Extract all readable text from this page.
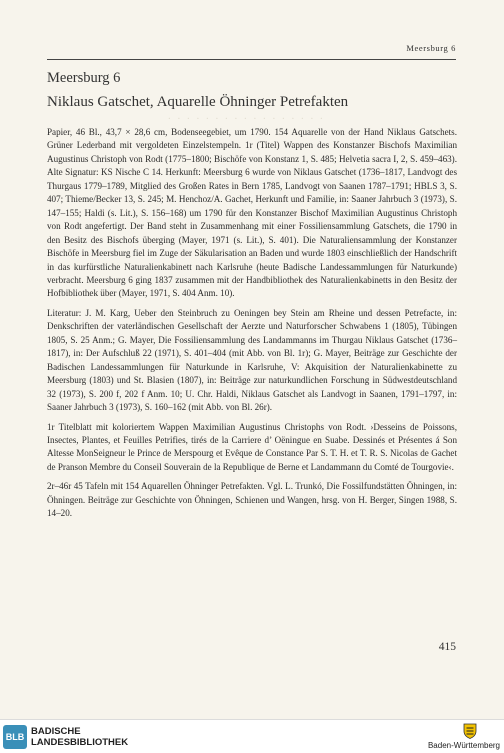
Meersburg 6
Meersburg 6
Niklaus Gatschet, Aquarelle Öhninger Petrefakten
. . . . . . . . . . . . . . . . .

Papier, 46 Bl., 43,7 × 28,6 cm, Bodenseegebiet, um 1790. 154 Aquarelle von der Hand Niklaus Gatschets. Grüner Lederband mit vergoldeten Einzelstempeln. 1r (Titel) Wappen des Konstanzer Bischofs Maximilian Augustinus Christoph von Rodt (1775–1800; Bischöfe von Konstanz 1, S. 485; Helvetia sacra I, 2, S. 459–463). Alte Signatur: KS Nische C 14. Herkunft: Meersburg 6 wurde von Niklaus Gatschet (1736–1817, Landvogt des Thurgaus 1779–1789, Mitglied des Großen Rates in Bern 1785, Landvogt von Saanen 1787–1791; HBLS 3, S. 407; Thieme/Becker 13, S. 245; M. Henchoz/A. Gachet, Herkunft und Familie, in: Saaner Jahrbuch 3 (1973), S. 147–155; Haldi (s. Lit.), S. 156–168) um 1790 für den Konstanzer Bischof Maximilian Augustinus Christoph von Rodt angefertigt. Der Band steht in Zusammenhang mit einer Fossiliensammlung Gatschets, die 1790 in den Besitz des Bischofs überging (Mayer, 1971 (s. Lit.), S. 401). Die Naturaliensammlung der Konstanzer Bischöfe in Meersburg fiel im Zuge der Säkularisation an Baden und wurde 1803 einschließlich der Handschrift in das kurfürstliche Naturalienkabinett nach Karlsruhe (heute Badische Landessammlungen für Naturkunde) verbracht. Meersburg 6 ging 1837 zusammen mit der Handbibliothek des Naturalienkabinetts in den Besitz der Hofbibliothek über (Mayer, 1971, S. 404 Anm. 10).

Literatur: J. M. Karg, Ueber den Steinbruch zu Oeningen bey Stein am Rheine und dessen Petrefacte, in: Denkschriften der vaterländischen Gesellschaft der Aerzte und Naturforscher Schwabens 1 (1805), Tübingen 1805, S. 25 Anm.; G. Mayer, Die Fossiliensammlung des Landammanns im Thurgau Niklaus Gatschet (1736–1817), in: Der Aufschluß 22 (1971), S. 401–404 (mit Abb. von Bl. 1r); G. Mayer, Beiträge zur Geschichte der Badischen Landessammlungen für Naturkunde in Karlsruhe, V: Akquisition der Naturalienkabinette zu Meersburg (1803) und St. Blasien (1807), in: Beiträge zur naturkundlichen Forschung in Südwestdeutschland 32 (1973), S. 200 f, 202 f Anm. 10; U. Chr. Haldi, Niklaus Gatschet als Landvogt in Saanen, 1791–1797, in: Saaner Jahrbuch 3 (1973), S. 160–162 (mit Abb. von Bl. 26r).

1r Titelblatt mit koloriertem Wappen Maximilian Augustinus Christophs von Rodt. ›Desseins de Poissons, Insectes, Plantes, et Feuilles Petrifies, tirés de la Carriere d’ Oëningue en Suabe. Dessinés et Présentes á Son Altesse MonSeigneur le Prince de Merspourg et Evêque de Constance Par S. T. H. et T. R. S. Nicolas de Gachet de Pranson Membre du Conseil Souverain de la Republique de Berne et Landammann du Comté de Tourgovie‹.

2r–46r 45 Tafeln mit 154 Aquarellen Öhninger Petrefakten. Vgl. L. Trunkó, Die Fossilfundstätten Öhningen, in: Öhningen. Beiträge zur Geschichte von Öhningen, Schienen und Wangen, hrsg. von H. Berger, Singen 1988, S. 14–20.

415
BLB BADISCHE
LANDESBIBLIOTHEK	Baden-Württemberg
